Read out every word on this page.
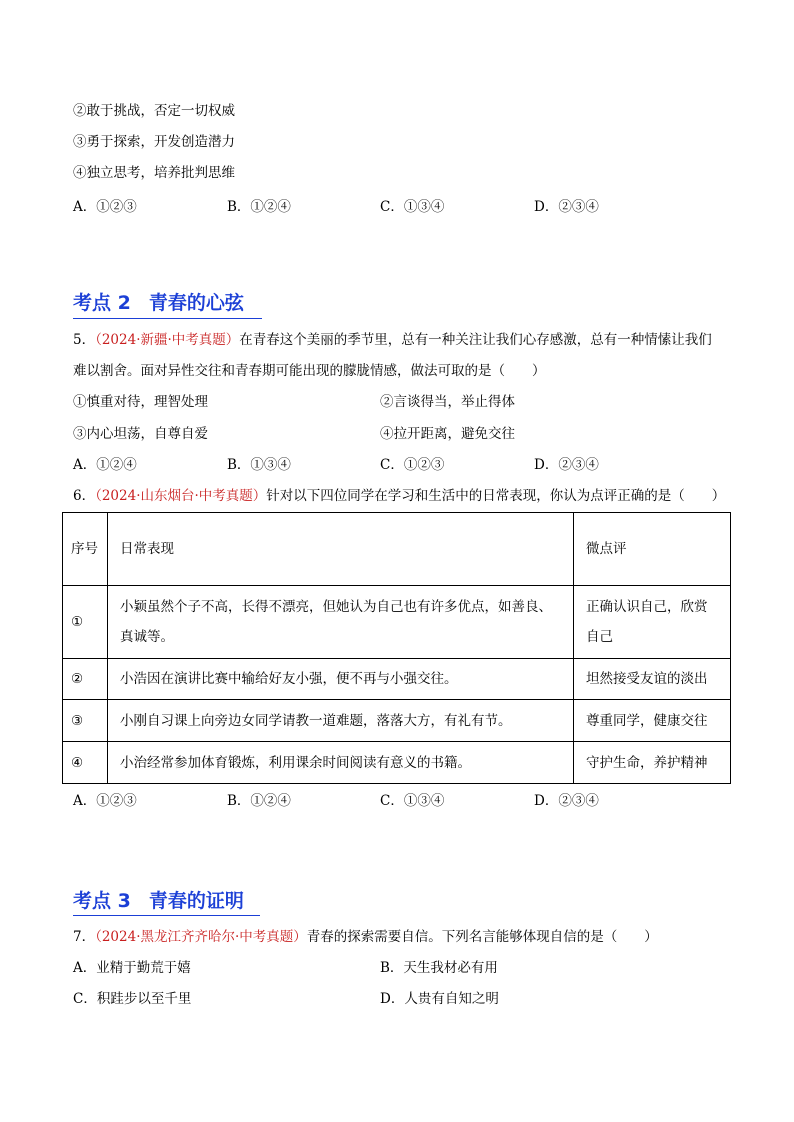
②敢于挑战，否定一切权威
③勇于探索，开发创造潜力
④独立思考，培养批判思维
A．①②③	B．①②④	C．①③④	D．②③④
考点 2 青春的心弦
5．（2024·新疆·中考真题）在青春这个美丽的季节里，总有一种关注让我们心存感激，总有一种情愫让我们
难以割舍。面对异性交往和青春期可能出现的朦胧情感，做法可取的是（　　）
①慎重对待，理智处理	②言谈得当，举止得体
③内心坦荡，自尊自爱	④拉开距离，避免交往
A．①②④	B．①③④	C．①②③	D．②③④
6．（2024·山东烟台·中考真题）针对以下四位同学在学习和生活中的日常表现，你认为点评正确的是（　　）
序号	日常表现	微点评
①	小颖虽然个子不高，长得不漂亮，但她认为自己也有许多优点，如善良、真诚等。	正确认识自己，欣赏自己
②	小浩因在演讲比赛中输给好友小强，便不再与小强交往。	坦然接受友谊的淡出
③	小刚自习课上向旁边女同学请教一道难题，落落大方，有礼有节。	尊重同学，健康交往
④	小治经常参加体育锻炼，利用课余时间阅读有意义的书籍。	守护生命，养护精神
A．①②③	B．①②④	C．①③④	D．②③④
考点 3 青春的证明
7．（2024·黑龙江齐齐哈尔·中考真题）青春的探索需要自信。下列名言能够体现自信的是（　　）
A．业精于勤荒于嬉	B．天生我材必有用
C．积跬步以至千里	D．人贵有自知之明
